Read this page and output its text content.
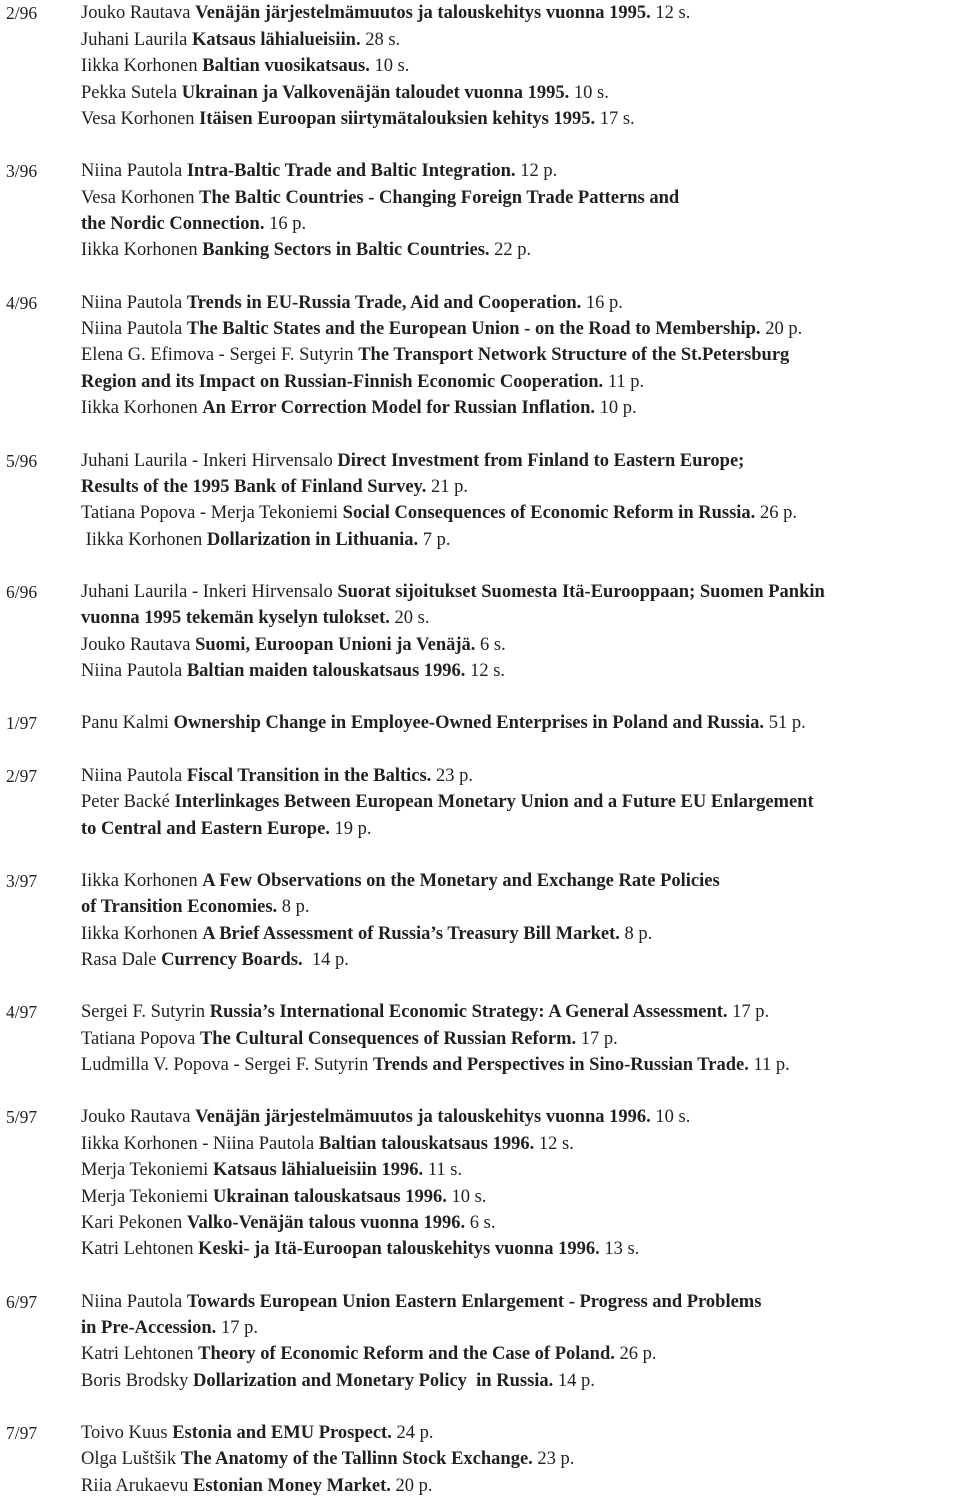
2/96 Jouko Rautava Venäjän järjestelmämuutos ja talouskehitys vuonna 1995. 12 s.
Juhani Laurila Katsaus lähialueisiin. 28 s.
Iikka Korhonen Baltian vuosikatsaus. 10 s.
Pekka Sutela Ukrainan ja Valkovenäjän taloudet vuonna 1995. 10 s.
Vesa Korhonen Itäisen Euroopan siirtymätalouksien kehitys 1995. 17 s.
3/96 Niina Pautola Intra-Baltic Trade and Baltic Integration. 12 p.
Vesa Korhonen The Baltic Countries - Changing Foreign Trade Patterns and
the Nordic Connection. 16 p.
Iikka Korhonen Banking Sectors in Baltic Countries. 22 p.
4/96 Niina Pautola Trends in EU-Russia Trade, Aid and Cooperation. 16 p.
Niina Pautola The Baltic States and the European Union - on the Road to Membership. 20 p.
Elena G. Efimova - Sergei F. Sutyrin The Transport Network Structure of the St.Petersburg
Region and its Impact on Russian-Finnish Economic Cooperation. 11 p.
Iikka Korhonen An Error Correction Model for Russian Inflation. 10 p.
5/96 Juhani Laurila - Inkeri Hirvensalo Direct Investment from Finland to Eastern Europe;
Results of the 1995 Bank of Finland Survey. 21 p.
Tatiana Popova - Merja Tekoniemi Social Consequences of Economic Reform in Russia. 26 p.
Iikka Korhonen Dollarization in Lithuania. 7 p.
6/96 Juhani Laurila - Inkeri Hirvensalo Suorat sijoitukset Suomesta Itä-Eurooppaan; Suomen Pankin
vuonna 1995 tekemän kyselyn tulokset. 20 s.
Jouko Rautava Suomi, Euroopan Unioni ja Venäjä. 6 s.
Niina Pautola Baltian maiden talouskatsaus 1996. 12 s.
1/97 Panu Kalmi Ownership Change in Employee-Owned Enterprises in Poland and Russia. 51 p.
2/97 Niina Pautola Fiscal Transition in the Baltics. 23 p.
Peter Backé Interlinkages Between European Monetary Union and a Future EU Enlargement
to Central and Eastern Europe. 19 p.
3/97 Iikka Korhonen A Few Observations on the Monetary and Exchange Rate Policies
of Transition Economies. 8 p.
Iikka Korhonen A Brief Assessment of Russia’s Treasury Bill Market. 8 p.
Rasa Dale Currency Boards.  14 p.
4/97 Sergei F. Sutyrin Russia’s International Economic Strategy: A General Assessment. 17 p.
Tatiana Popova The Cultural Consequences of Russian Reform. 17 p.
Ludmilla V. Popova - Sergei F. Sutyrin Trends and Perspectives in Sino-Russian Trade. 11 p.
5/97 Jouko Rautava Venäjän järjestelmämuutos ja talouskehitys vuonna 1996. 10 s.
Iikka Korhonen - Niina Pautola Baltian talouskatsaus 1996. 12 s.
Merja Tekoniemi Katsaus lähialueisiin 1996. 11 s.
Merja Tekoniemi Ukrainan talouskatsaus 1996. 10 s.
Kari Pekonen Valko-Venäjän talous vuonna 1996. 6 s.
Katri Lehtonen Keski- ja Itä-Euroopan talouskehitys vuonna 1996. 13 s.
6/97 Niina Pautola Towards European Union Eastern Enlargement - Progress and Problems
in Pre-Accession. 17 p.
Katri Lehtonen Theory of Economic Reform and the Case of Poland. 26 p.
Boris Brodsky Dollarization and Monetary Policy  in Russia. 14 p.
7/97 Toivo Kuus Estonia and EMU Prospect. 24 p.
Olga Luštšik The Anatomy of the Tallinn Stock Exchange. 23 p.
Riia Arukaevu Estonian Money Market. 20 p.
